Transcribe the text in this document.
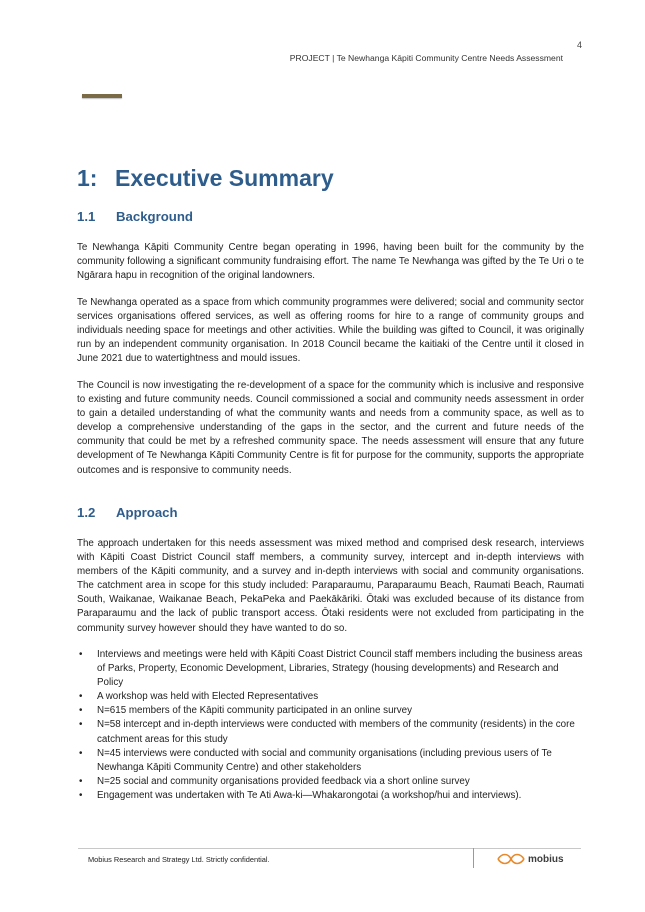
4
PROJECT | Te Newhanga Kāpiti Community Centre Needs Assessment
1: Executive Summary
1.1 Background

Te Newhanga Kāpiti Community Centre began operating in 1996, having been built for the community by the community following a significant community fundraising effort. The name Te Newhanga was gifted by the Te Uri o te Ngārara hapu in recognition of the original landowners.

Te Newhanga operated as a space from which community programmes were delivered; social and community sector services organisations offered services, as well as offering rooms for hire to a range of community groups and individuals needing space for meetings and other activities. While the building was gifted to Council, it was originally run by an independent community organisation. In 2018 Council became the kaitiaki of the Centre until it closed in June 2021 due to watertightness and mould issues.

The Council is now investigating the re-development of a space for the community which is inclusive and responsive to existing and future community needs. Council commissioned a social and community needs assessment in order to gain a detailed understanding of what the community wants and needs from a community space, as well as to develop a comprehensive understanding of the gaps in the sector, and the current and future needs of the community that could be met by a refreshed community space. The needs assessment will ensure that any future development of Te Newhanga Kāpiti Community Centre is fit for purpose for the community, supports the appropriate outcomes and is responsive to community needs.

1.2 Approach

The approach undertaken for this needs assessment was mixed method and comprised desk research, interviews with Kāpiti Coast District Council staff members, a community survey, intercept and in-depth interviews with members of the Kāpiti community, and a survey and in-depth interviews with social and community organisations. The catchment area in scope for this study included: Paraparaumu, Paraparaumu Beach, Raumati Beach, Raumati South, Waikanae, Waikanae Beach, PekaPeka and Paekākāriki. Ōtaki was excluded because of its distance from Paraparaumu and the lack of public transport access. Ōtaki residents were not excluded from participating in the community survey however should they have wanted to do so.

• Interviews and meetings were held with Kāpiti Coast District Council staff members including the business areas of Parks, Property, Economic Development, Libraries, Strategy (housing developments) and Research and Policy
• A workshop was held with Elected Representatives
• N=615 members of the Kāpiti community participated in an online survey
• N=58 intercept and in-depth interviews were conducted with members of the community (residents) in the core catchment areas for this study
• N=45 interviews were conducted with social and community organisations (including previous users of Te Newhanga Kāpiti Community Centre) and other stakeholders
• N=25 social and community organisations provided feedback via a short online survey
• Engagement was undertaken with Te Ati Awa-ki—Whakarongotai (a workshop/hui and interviews).
Mobius Research and Strategy Ltd. Strictly confidential.	mobius
